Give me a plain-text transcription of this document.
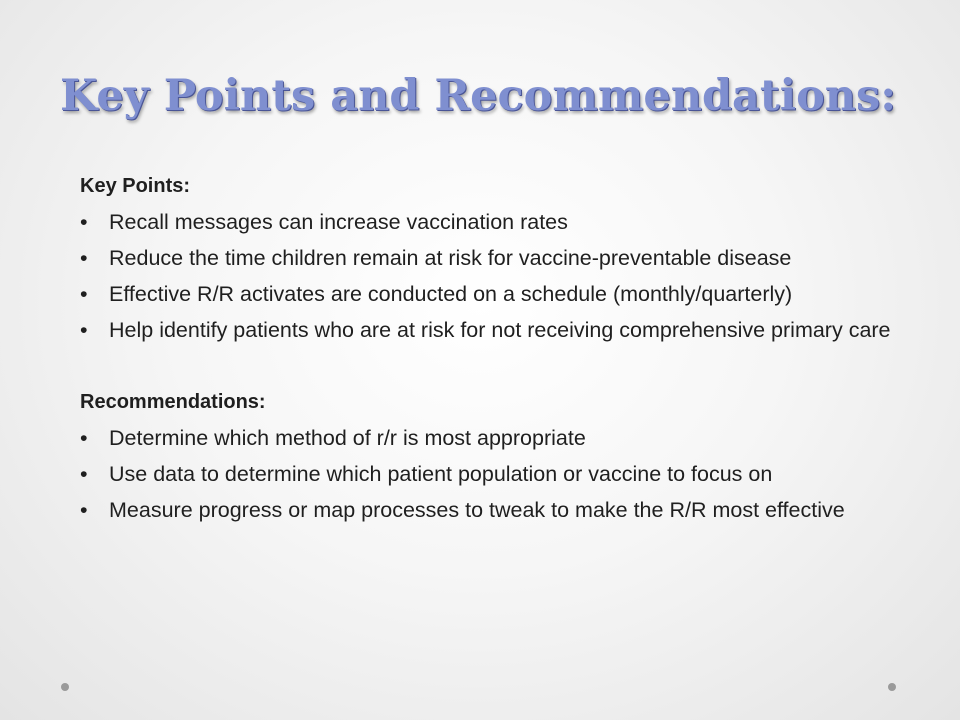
Key Points and Recommendations:
Key Points:
• Recall messages can increase vaccination rates
• Reduce the time children remain at risk for vaccine-preventable disease
• Effective R/R activates are conducted on a schedule (monthly/quarterly)
• Help identify patients who are at risk for not receiving comprehensive primary care
Recommendations:
• Determine which method of r/r is most appropriate
• Use data to determine which patient population or vaccine to focus on
• Measure progress or map processes to tweak to make the R/R most effective
